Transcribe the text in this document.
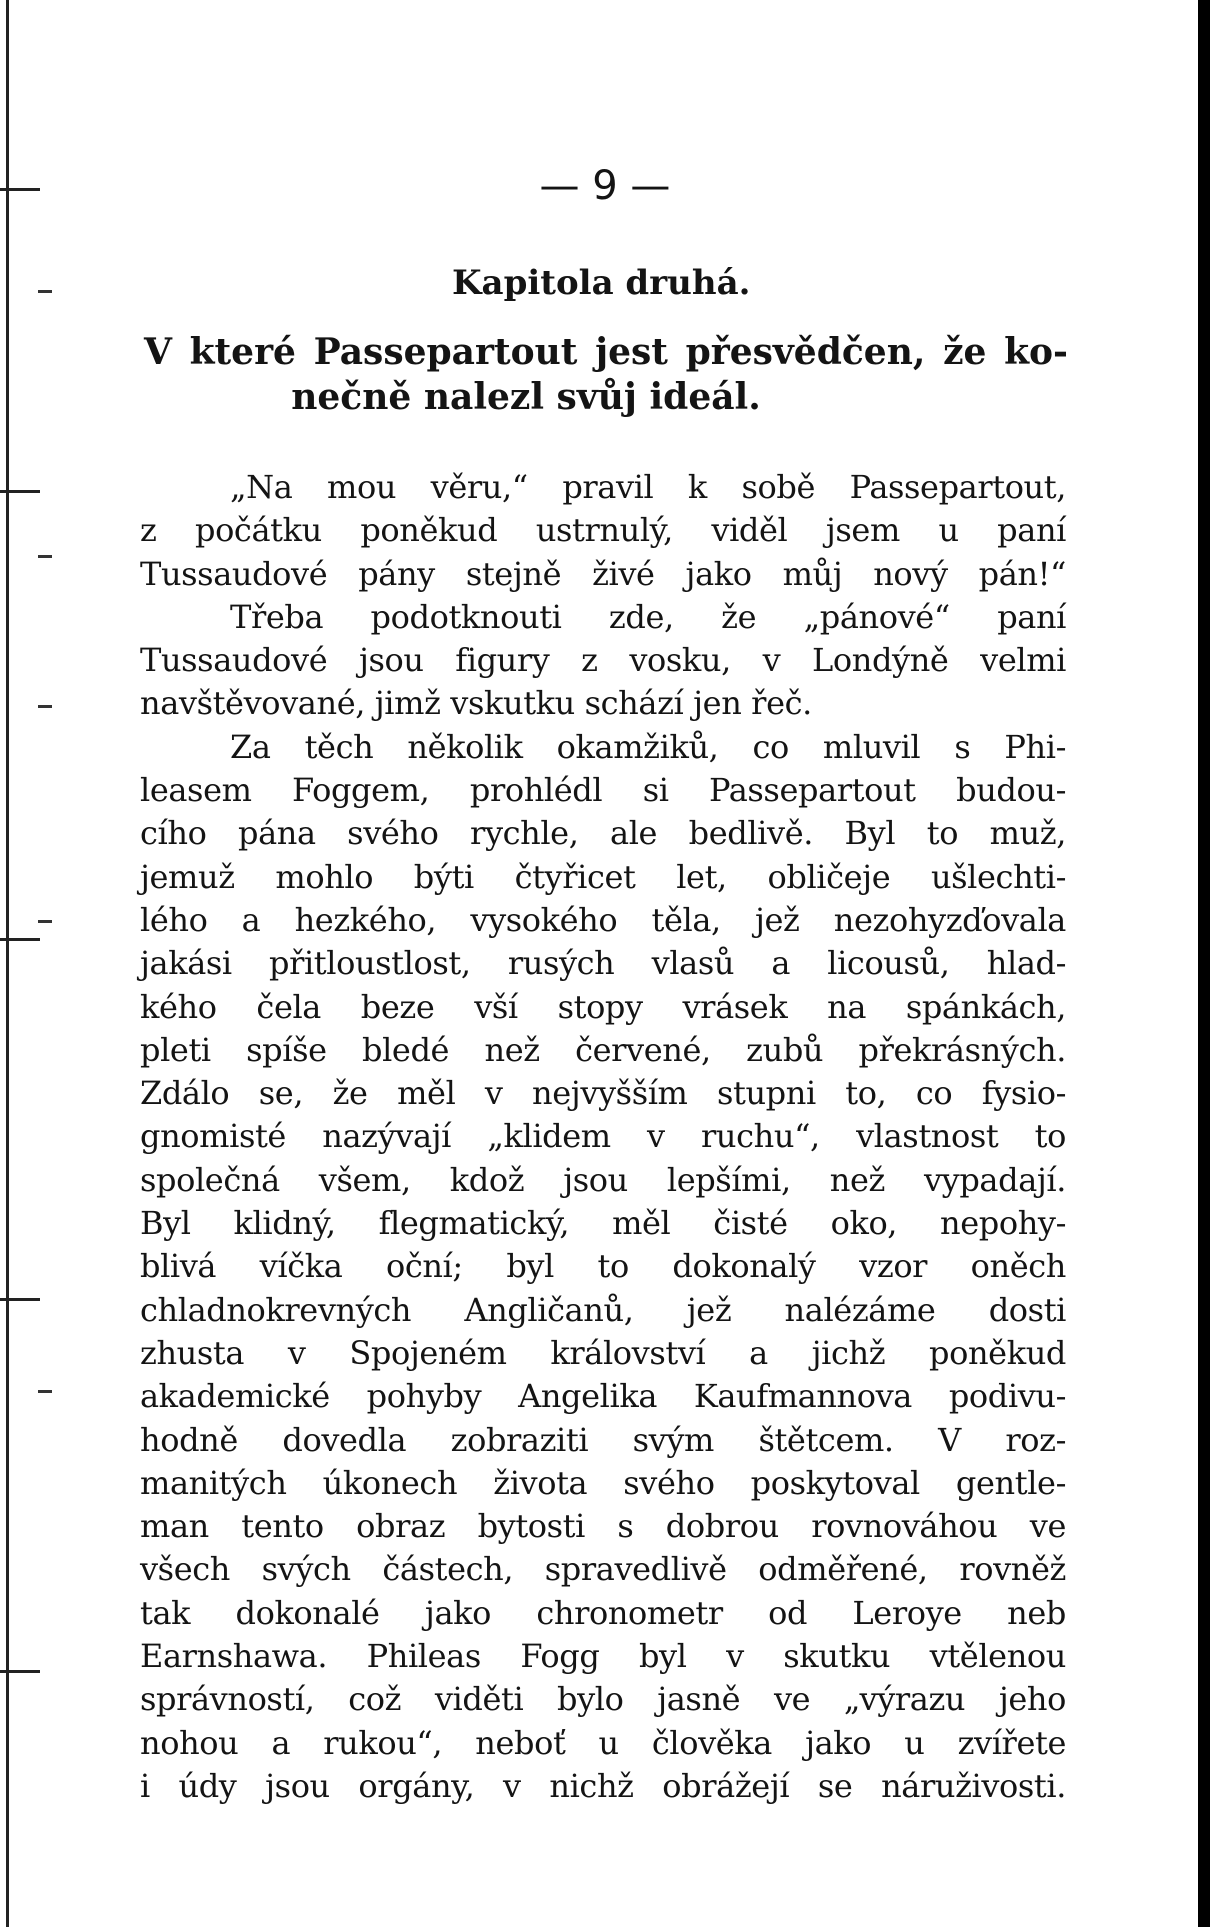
— 9 —
Kapitola druhá.
V které Passepartout jest přesvědčen, že ko-
nečně nalezl svůj ideál.
„Na mou věru,“ pravil k sobě Passepartout,
z počátku poněkud ustrnulý, viděl jsem u paní
Tussaudové pány stejně živé jako můj nový pán!“
Třeba podotknouti zde, že „pánové“ paní
Tussaudové jsou figury z vosku, v Londýně velmi
navštěvované, jimž vskutku schází jen řeč.
Za těch několik okamžiků, co mluvil s Phi-
leasem Foggem, prohlédl si Passepartout budou-
cího pána svého rychle, ale bedlivě. Byl to muž,
jemuž mohlo býti čtyřicet let, obličeje ušlechti-
lého a hezkého, vysokého těla, jež nezohyzďovala
jakási přitloustlost, rusých vlasů a licousů, hlad-
kého čela beze vší stopy vrásek na spánkách,
pleti spíše bledé než červené, zubů překrásných.
Zdálo se, že měl v nejvyšším stupni to, co fysio-
gnomisté nazývají „klidem v ruchu“, vlastnost to
společná všem, kdož jsou lepšími, než vypadají.
Byl klidný, flegmatický, měl čisté oko, nepohy-
blivá víčka oční; byl to dokonalý vzor oněch
chladnokrevných Angličanů, jež nalézáme dosti
zhusta v Spojeném království a jichž poněkud
akademické pohyby Angelika Kaufmannova podivu-
hodně dovedla zobraziti svým štětcem. V roz-
manitých úkonech života svého poskytoval gentle-
man tento obraz bytosti s dobrou rovnováhou ve
všech svých částech, spravedlivě odměřené, rovněž
tak dokonalé jako chronometr od Leroye neb
Earnshawa. Phileas Fogg byl v skutku vtělenou
správností, což viděti bylo jasně ve „výrazu jeho
nohou a rukou“, neboť u člověka jako u zvířete
i údy jsou orgány, v nichž obrážejí se náruživosti.
